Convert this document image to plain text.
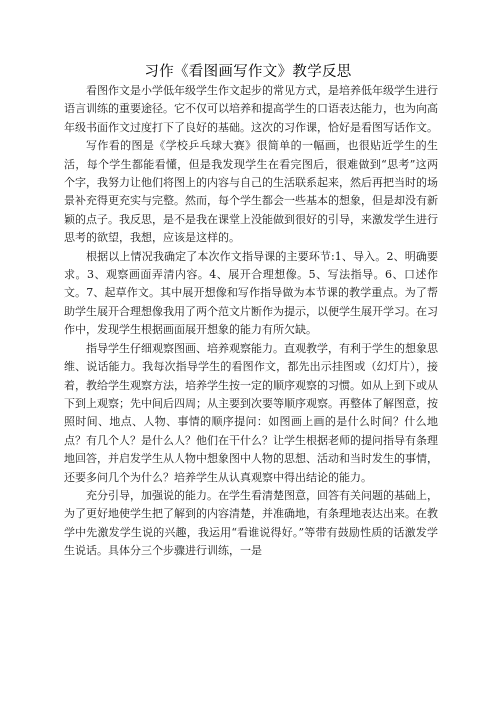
习作《看图画写作文》教学反思

看图作文是小学低年级学生作文起步的常见方式，是培养低年级学生进行语言训练的重要途径。它不仅可以培养和提高学生的口语表达能力，也为向高年级书面作文过度打下了良好的基础。这次的习作课，恰好是看图写话作文。

写作看的图是《学校乒乓球大赛》很简单的一幅画，也很贴近学生的生活，每个学生都能看懂，但是我发现学生在看完图后，很难做到“思考”这两个字，我努力让他们将图上的内容与自己的生活联系起来，然后再把当时的场景补充得更充实与完整。然而，每个学生都会一些基本的想象，但是却没有新颖的点子。我反思，是不是我在课堂上没能做到很好的引导，来激发学生进行思考的欲望，我想，应该是这样的。

根据以上情况我确定了本次作文指导课的主要环节:1、导入。2、明确要求。3、观察画面弄清内容。4、展开合理想像。5、写法指导。6、口述作文。7、起草作文。其中展开想像和写作指导做为本节课的教学重点。为了帮助学生展开合理想像我用了两个范文片断作为提示，以便学生展开学习。在习作中，发现学生根据画面展开想象的能力有所欠缺。

指导学生仔细观察图画、培养观察能力。直观教学，有利于学生的想象思维、说话能力。我每次指导学生的看图作文，都先出示挂图或（幻灯片），接着，教给学生观察方法，培养学生按一定的顺序观察的习惯。如从上到下或从下到上观察；先中间后四周；从主要到次要等顺序观察。再整体了解图意，按照时间、地点、人物、事情的顺序提问：如图画上画的是什么时间？什么地点？有几个人？是什么人？他们在干什么？让学生根据老师的提问指导有条理地回答，并启发学生从人物中想象图中人物的思想、活动和当时发生的事情，还要多问几个为什么？培养学生从认真观察中得出结论的能力。

充分引导，加强说的能力。在学生看清楚图意，回答有关问题的基础上，为了更好地使学生把了解到的内容清楚，并准确地，有条理地表达出来。在教学中先激发学生说的兴趣，我运用“看谁说得好。”等带有鼓励性质的话激发学生说话。具体分三个步骤进行训练，一是
